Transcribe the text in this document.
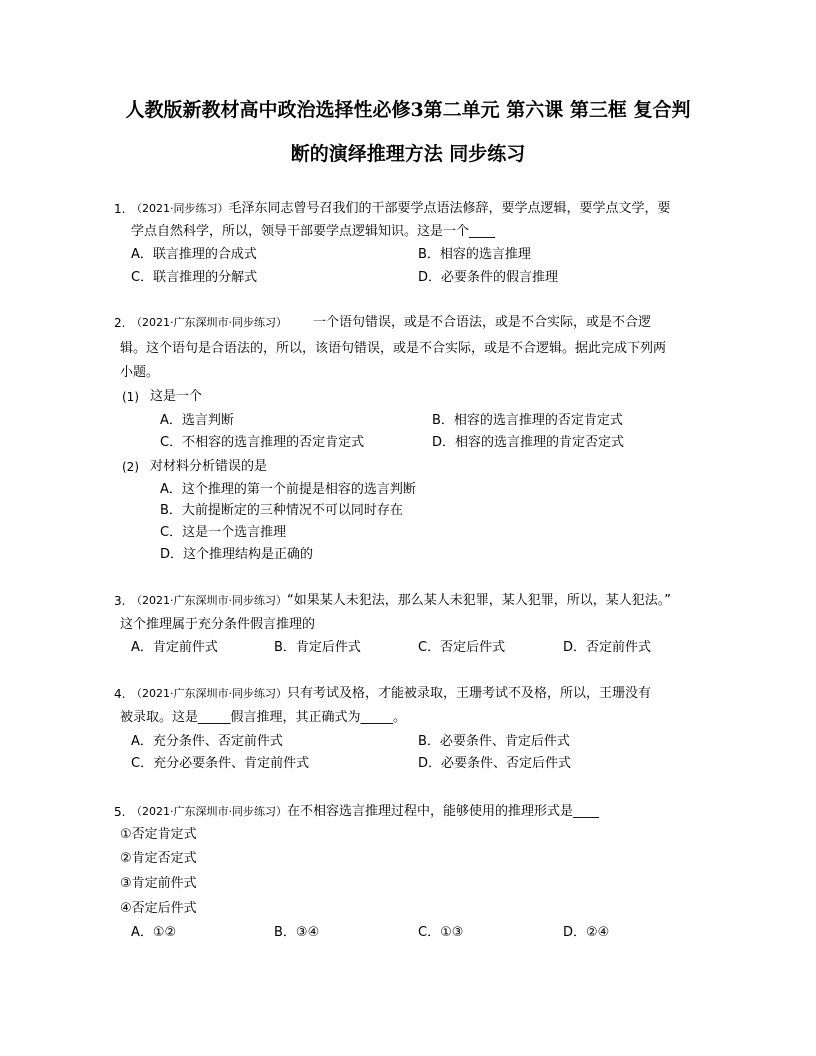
人教版新教材高中政治选择性必修3第二单元 第六课 第三框 复合判
断的演绎推理方法 同步练习
1. （2021·同步练习）毛泽东同志曾号召我们的干部要学点语法修辞，要学点逻辑，要学点文学，要
学点自然科学，所以，领导干部要学点逻辑知识。这是一个____
A．联言推理的合成式	B．相容的选言推理
C．联言推理的分解式	D．必要条件的假言推理
2. （2021·广东深圳市·同步练习） 一个语句错误，或是不合语法，或是不合实际，或是不合逻
辑。这个语句是合语法的，所以，该语句错误，或是不合实际，或是不合逻辑。据此完成下列两
小题。
(1) 这是一个
A．选言判断	B．相容的选言推理的否定肯定式
C．不相容的选言推理的否定肯定式	D．相容的选言推理的肯定否定式
(2) 对材料分析错误的是
A．这个推理的第一个前提是相容的选言判断
B．大前提断定的三种情况不可以同时存在
C．这是一个选言推理
D．这个推理结构是正确的
3. （2021·广东深圳市·同步练习）“如果某人未犯法，那么某人未犯罪，某人犯罪，所以，某人犯法。”
这个推理属于充分条件假言推理的
A．肯定前件式	B．肯定后件式	C．否定后件式	D．否定前件式
4. （2021·广东深圳市·同步练习）只有考试及格，才能被录取，王珊考试不及格，所以，王珊没有
被录取。这是_____假言推理，其正确式为_____。
A．充分条件、否定前件式	B．必要条件、肯定后件式
C．充分必要条件、肯定前件式	D．必要条件、否定后件式
5. （2021·广东深圳市·同步练习）在不相容选言推理过程中，能够使用的推理形式是____
①否定肯定式
②肯定否定式
③肯定前件式
④否定后件式
A．①②	B．③④	C．①③	D．②④
